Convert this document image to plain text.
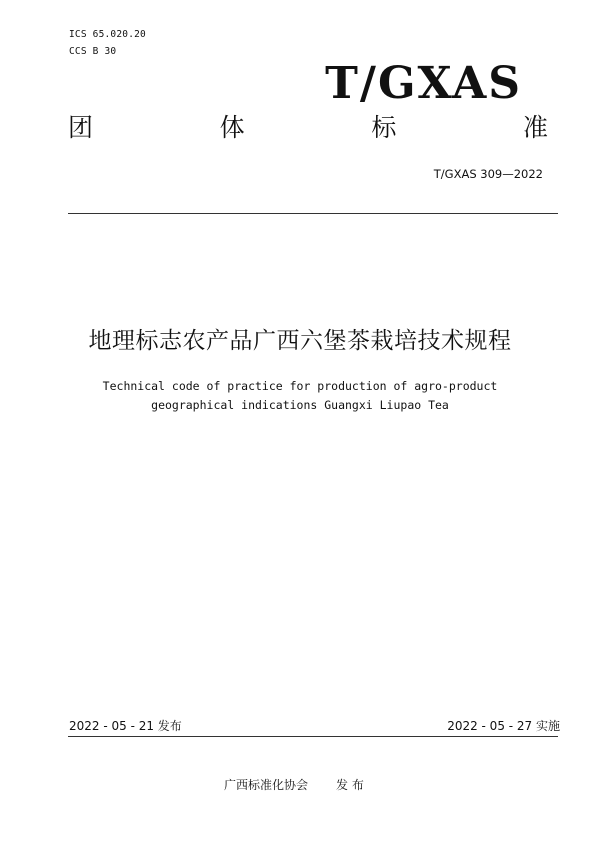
ICS 65.020.20
CCS B 30
T/GXAS
团	体	标	准
T/GXAS 309—2022
地理标志农产品广西六堡茶栽培技术规程
Technical code of practice for production of agro-product
geographical indications Guangxi Liupao Tea
2022 - 05 - 21 发布	2022 - 05 - 27 实施
广西标准化协会 发 布
